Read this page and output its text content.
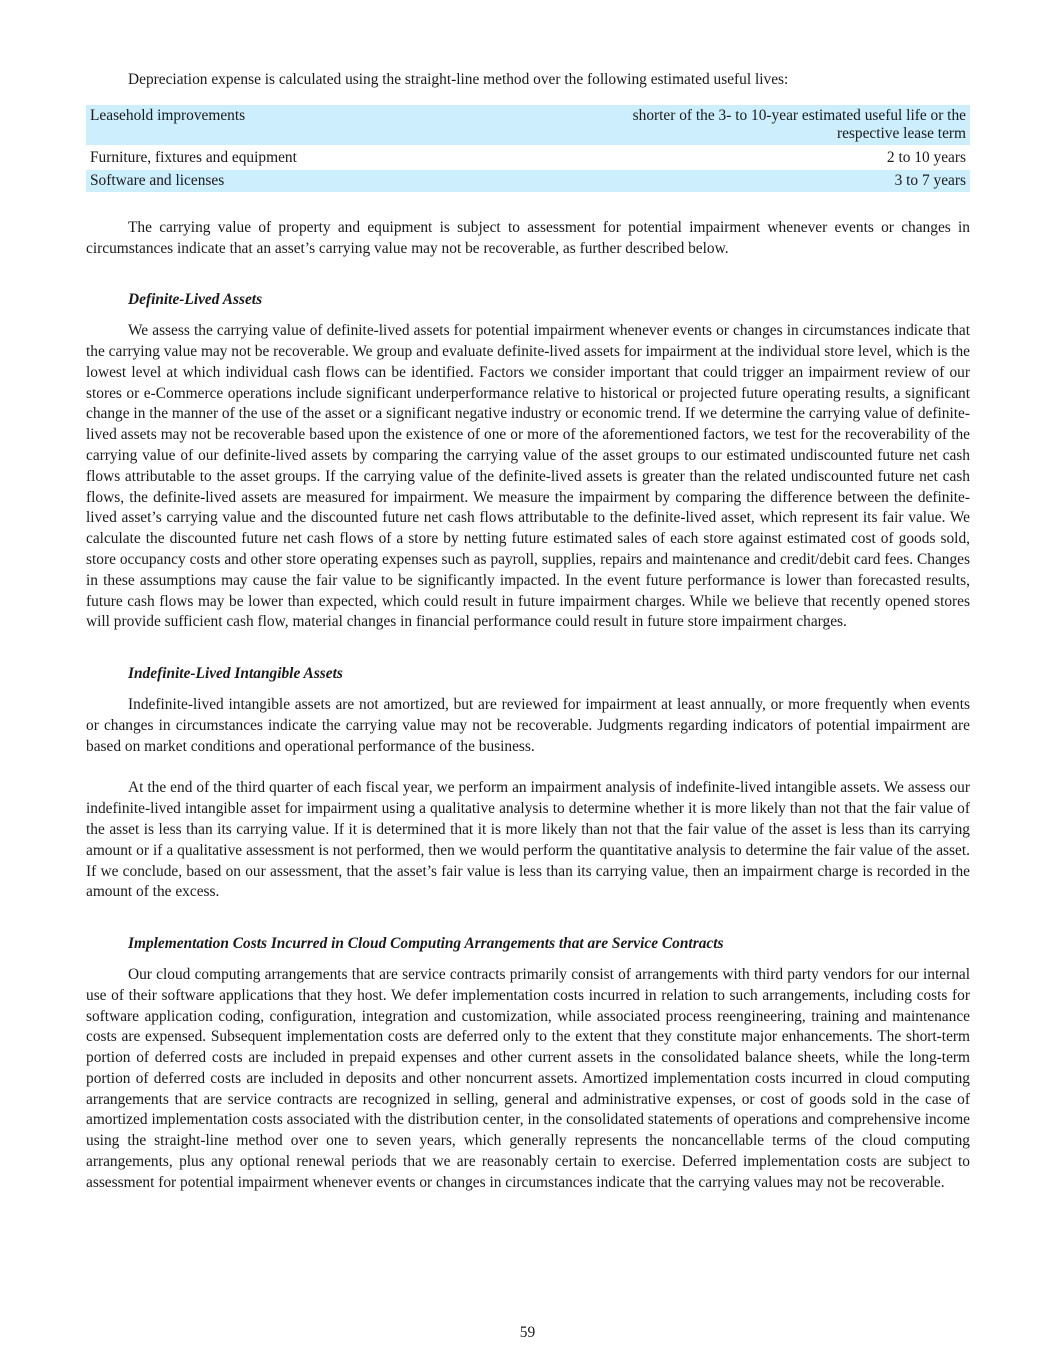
Depreciation expense is calculated using the straight-line method over the following estimated useful lives:

Leasehold improvements	shorter of the 3- to 10-year estimated useful life or the
respective lease term
Furniture, fixtures and equipment	2 to 10 years
Software and licenses	3 to 7 years

The carrying value of property and equipment is subject to assessment for potential impairment whenever events or changes in circumstances indicate that an asset’s carrying value may not be recoverable, as further described below.

Definite-Lived Assets

We assess the carrying value of definite-lived assets for potential impairment whenever events or changes in circumstances indicate that the carrying value may not be recoverable. We group and evaluate definite-lived assets for impairment at the individual store level, which is the lowest level at which individual cash flows can be identified. Factors we consider important that could trigger an impairment review of our stores or e-Commerce operations include significant underperformance relative to historical or projected future operating results, a significant change in the manner of the use of the asset or a significant negative industry or economic trend. If we determine the carrying value of definite-lived assets may not be recoverable based upon the existence of one or more of the aforementioned factors, we test for the recoverability of the carrying value of our definite-lived assets by comparing the carrying value of the asset groups to our estimated undiscounted future net cash flows attributable to the asset groups. If the carrying value of the definite-lived assets is greater than the related undiscounted future net cash flows, the definite-lived assets are measured for impairment. We measure the impairment by comparing the difference between the definite-lived asset’s carrying value and the discounted future net cash flows attributable to the definite-lived asset, which represent its fair value. We calculate the discounted future net cash flows of a store by netting future estimated sales of each store against estimated cost of goods sold, store occupancy costs and other store operating expenses such as payroll, supplies, repairs and maintenance and credit/debit card fees. Changes in these assumptions may cause the fair value to be significantly impacted. In the event future performance is lower than forecasted results, future cash flows may be lower than expected, which could result in future impairment charges. While we believe that recently opened stores will provide sufficient cash flow, material changes in financial performance could result in future store impairment charges.

Indefinite-Lived Intangible Assets

Indefinite-lived intangible assets are not amortized, but are reviewed for impairment at least annually, or more frequently when events or changes in circumstances indicate the carrying value may not be recoverable. Judgments regarding indicators of potential impairment are based on market conditions and operational performance of the business.

At the end of the third quarter of each fiscal year, we perform an impairment analysis of indefinite-lived intangible assets. We assess our indefinite-lived intangible asset for impairment using a qualitative analysis to determine whether it is more likely than not that the fair value of the asset is less than its carrying value. If it is determined that it is more likely than not that the fair value of the asset is less than its carrying amount or if a qualitative assessment is not performed, then we would perform the quantitative analysis to determine the fair value of the asset. If we conclude, based on our assessment, that the asset’s fair value is less than its carrying value, then an impairment charge is recorded in the amount of the excess.

Implementation Costs Incurred in Cloud Computing Arrangements that are Service Contracts

Our cloud computing arrangements that are service contracts primarily consist of arrangements with third party vendors for our internal use of their software applications that they host. We defer implementation costs incurred in relation to such arrangements, including costs for software application coding, configuration, integration and customization, while associated process reengineering, training and maintenance costs are expensed. Subsequent implementation costs are deferred only to the extent that they constitute major enhancements. The short-term portion of deferred costs are included in prepaid expenses and other current assets in the consolidated balance sheets, while the long-term portion of deferred costs are included in deposits and other noncurrent assets. Amortized implementation costs incurred in cloud computing arrangements that are service contracts are recognized in selling, general and administrative expenses, or cost of goods sold in the case of amortized implementation costs associated with the distribution center, in the consolidated statements of operations and comprehensive income using the straight-line method over one to seven years, which generally represents the noncancellable terms of the cloud computing arrangements, plus any optional renewal periods that we are reasonably certain to exercise. Deferred implementation costs are subject to assessment for potential impairment whenever events or changes in circumstances indicate that the carrying values may not be recoverable.

59
